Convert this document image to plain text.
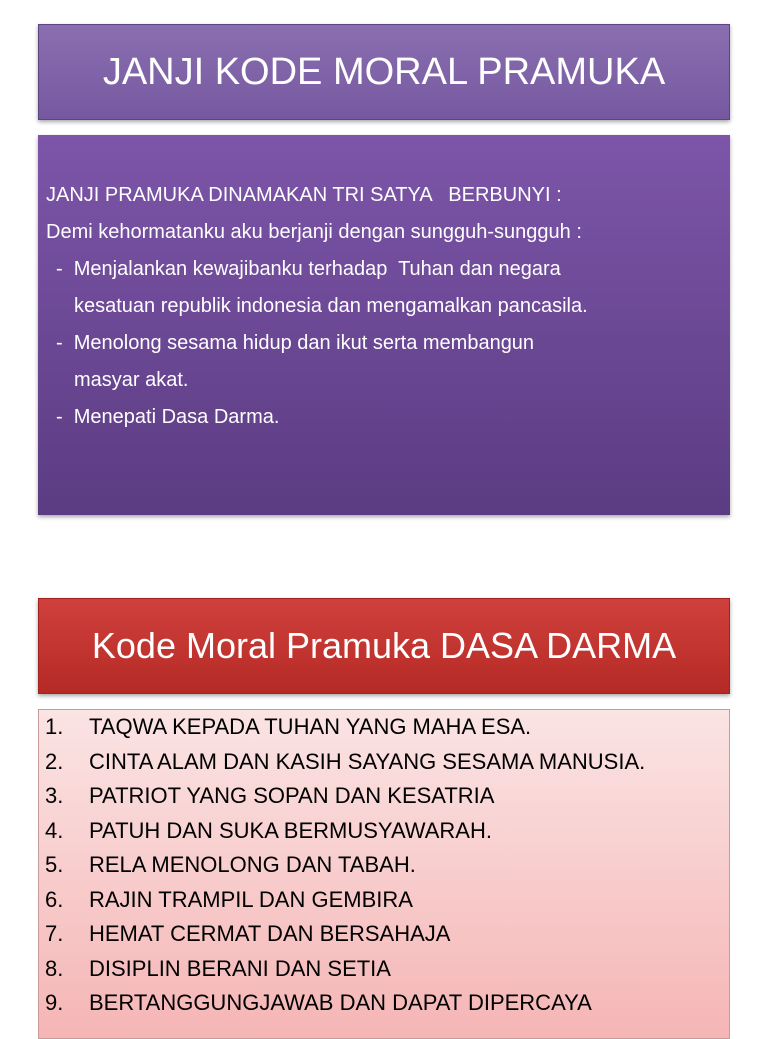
JANJI KODE MORAL PRAMUKA
JANJI PRAMUKA DINAMAKAN TRI SATYA   BERBUNYI :
Demi kehormatanku aku berjanji dengan sungguh-sungguh :
-  Menjalankan kewajibanku terhadap  Tuhan dan negara
kesatuan republik indonesia dan mengamalkan pancasila.
-  Menolong sesama hidup dan ikut serta membangun
masyar akat.
-  Menepati Dasa Darma.
Kode Moral Pramuka DASA DARMA
1.	TAQWA KEPADA TUHAN YANG MAHA ESA.
2.	CINTA ALAM DAN KASIH SAYANG SESAMA MANUSIA.
3.	PATRIOT YANG SOPAN DAN KESATRIA
4.	PATUH DAN SUKA BERMUSYAWARAH.
5.	RELA MENOLONG DAN TABAH.
6.	RAJIN TRAMPIL DAN GEMBIRA
7.	HEMAT CERMAT DAN BERSAHAJA
8.	DISIPLIN BERANI DAN SETIA
9.	BERTANGGUNGJAWAB DAN DAPAT DIPERCAYA
